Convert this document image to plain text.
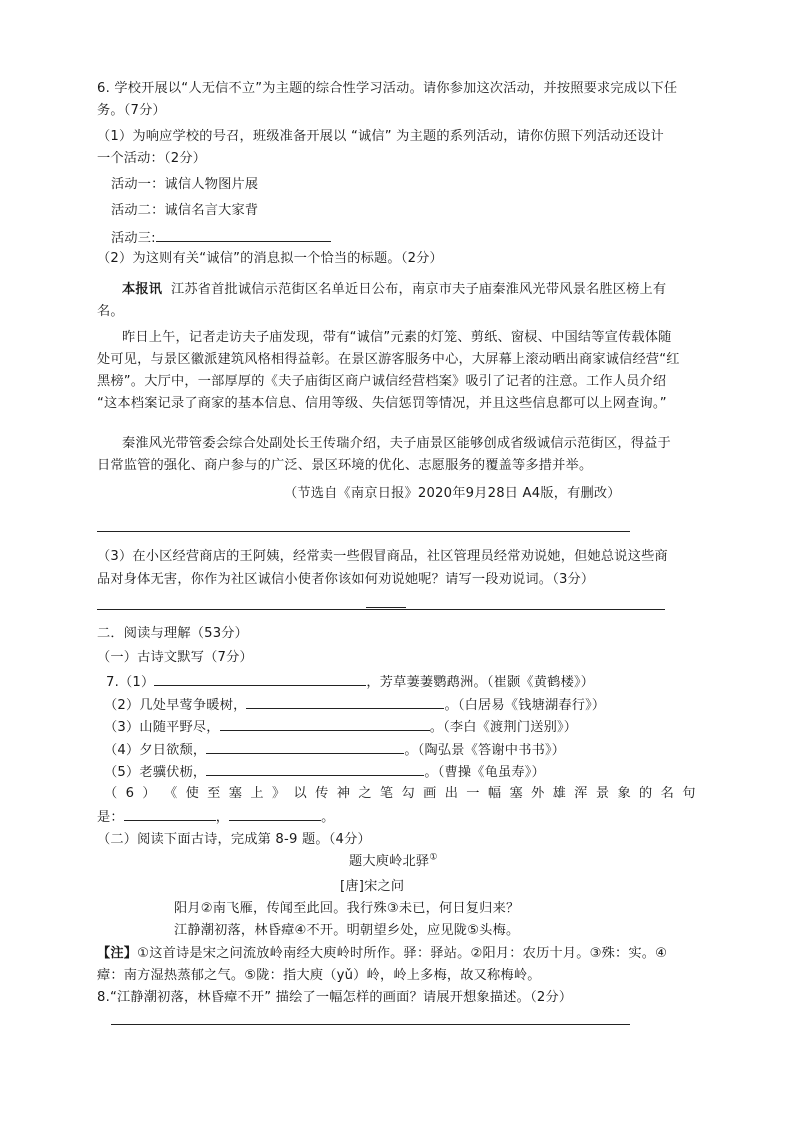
6. 学校开展以“人无信不立”为主题的综合性学习活动。请你参加这次活动，并按照要求完成以下任
务。（7分）
（1）为响应学校的号召，班级准备开展以 “诚信” 为主题的系列活动，请你仿照下列活动还设计
一个活动：（2分）
活动一：诚信人物图片展
活动二：诚信名言大家背
活动三:
（2）为这则有关“诚信”的消息拟一个恰当的标题。（2分）
本报讯 江苏省首批诚信示范街区名单近日公布，南京市夫子庙秦淮风光带风景名胜区榜上有
名。
昨日上午，记者走访夫子庙发现，带有“诚信”元素的灯笼、剪纸、窗棂、中国结等宣传载体随
处可见，与景区徽派建筑风格相得益彰。在景区游客服务中心，大屏幕上滚动晒出商家诚信经营“红
黑榜”。大厅中，一部厚厚的《夫子庙街区商户诚信经营档案》吸引了记者的注意。工作人员介绍
“这本档案记录了商家的基本信息、信用等级、失信惩罚等情况，并且这些信息都可以上网查询。”
秦淮风光带管委会综合处副处长王传瑞介绍，夫子庙景区能够创成省级诚信示范街区，得益于
日常监管的强化、商户参与的广泛、景区环境的优化、志愿服务的覆盖等多措并举。
（节选自《南京日报》2020年9月28日 A4版，有删改）
（3）在小区经营商店的王阿姨，经常卖一些假冒商品，社区管理员经常劝说她，但她总说这些商
品对身体无害，你作为社区诚信小使者你该如何劝说她呢？请写一段劝说词。（3分）
二．阅读与理解（53分）
（一）古诗文默写（7分）
7.（1）	，芳草萋萋鹦鹉洲。（崔颢《黄鹤楼》）
（2）几处早莺争暖树，	。（白居易《钱塘湖春行》）
（3）山随平野尽，	。（李白《渡荆门送别》）
（4）夕日欲颓，	。（陶弘景《答谢中书书》）
（5）老骥伏枥，	。（曹操《龟虽寿》）
（ 6 ） 《 使 至 塞 上 》 以 传 神 之 笔 勾 画 出 一 幅 塞 外 雄 浑 景 象 的 名 句
是：	，	。
（二）阅读下面古诗，完成第 8-9 题。（4分）
题大庾岭北驿①
[唐]宋之问
阳月②南飞雁，传闻至此回。我行殊③未已，何日复归来？
江静潮初落，林昏瘴④不开。明朝望乡处，应见陇⑤头梅。
【注】①这首诗是宋之问流放岭南经大庾岭时所作。驿：驿站。②阳月：农历十月。③殊：实。④
瘴：南方湿热蒸郁之气。⑤陇：指大庾（yǔ）岭，岭上多梅，故又称梅岭。
8.“江静潮初落，林昏瘴不开” 描绘了一幅怎样的画面？请展开想象描述。（2分）
